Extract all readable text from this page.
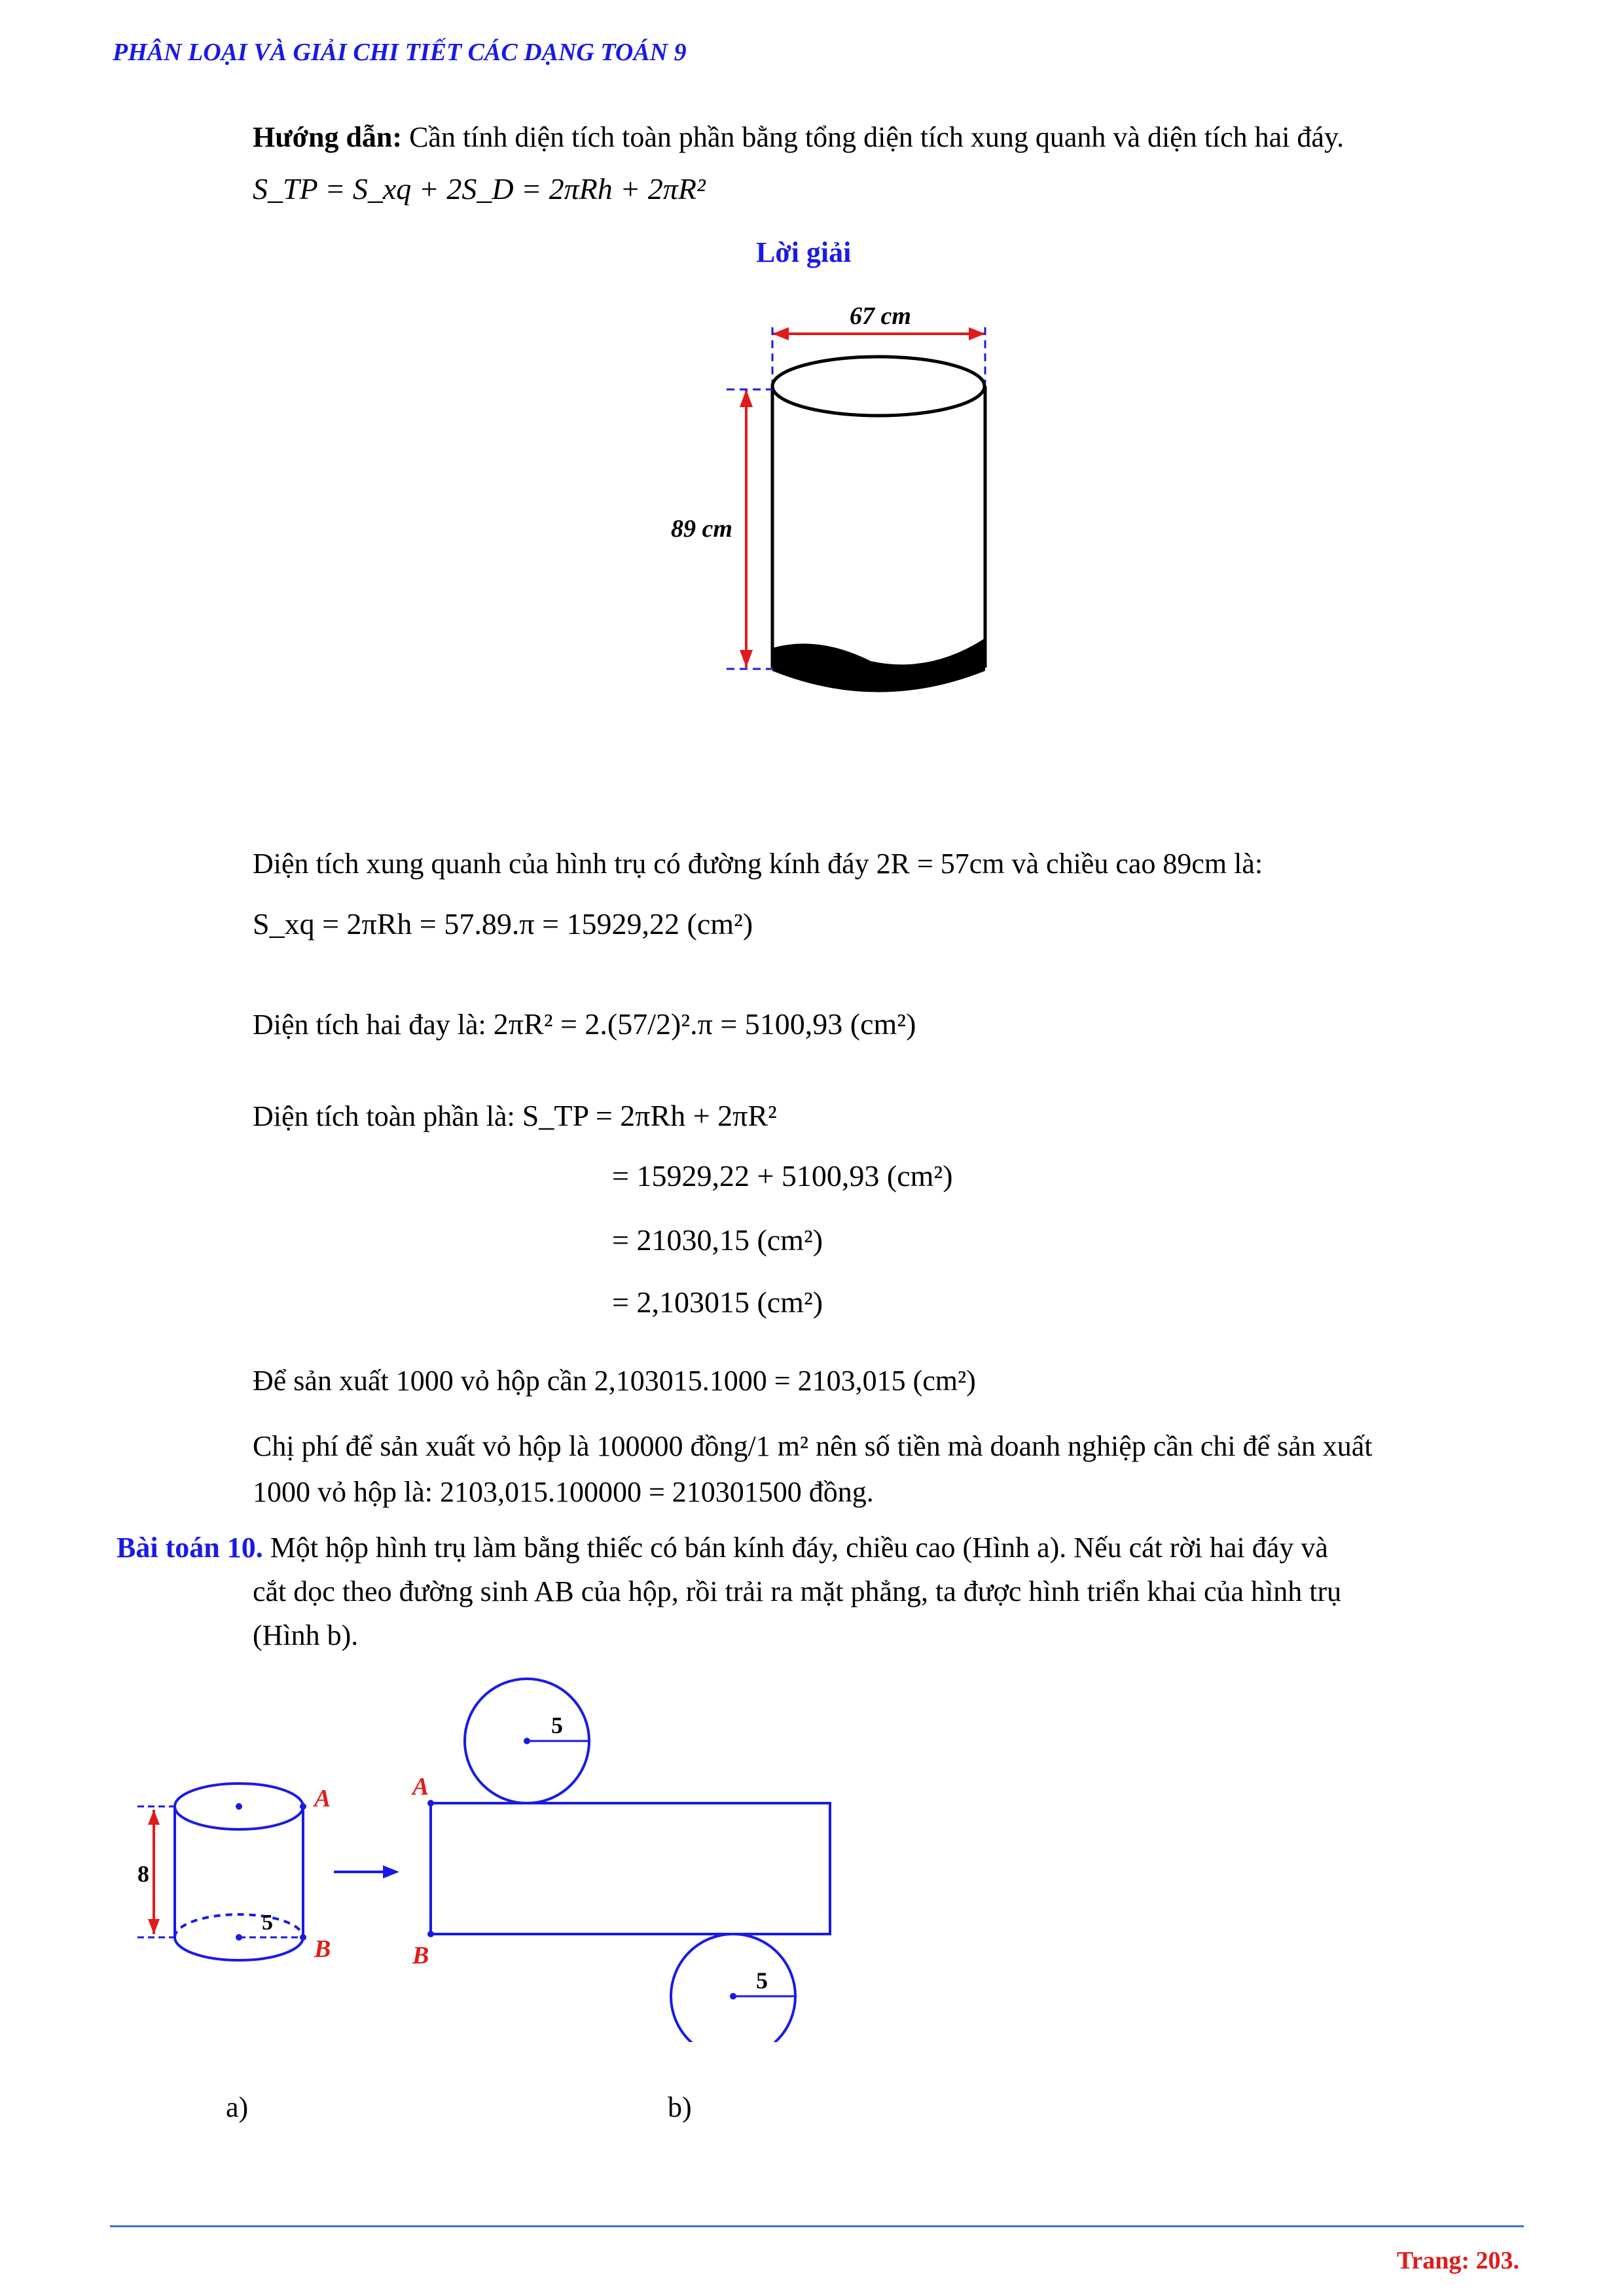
PHÂN LOẠI VÀ GIẢI CHI TIẾT CÁC DẠNG TOÁN 9
Hướng dẫn: Cần tính diện tích toàn phần bằng tổng diện tích xung quanh và diện tích hai đáy.
S_TP = S_xq + 2S_D = 2πRh + 2πR²
Lời giải
67 cm
89 cm
Diện tích xung quanh của hình trụ có đường kính đáy 2R = 57cm và chiều cao 89cm là:
S_xq = 2πRh = 57.89.π = 15929,22 (cm²)
Diện tích hai đay là: 2πR² = 2.(57/2)².π = 5100,93 (cm²)
Diện tích toàn phần là: S_TP = 2πRh + 2πR²
= 15929,22 + 5100,93 (cm²)
= 21030,15 (cm²)
= 2,103015 (cm²)
Để sản xuất 1000 vỏ hộp cần 2,103015.1000 = 2103,015 (cm²)
Chị phí để sản xuất vỏ hộp là 100000 đồng/1 m² nên số tiền mà doanh nghiệp cần chi để sản xuất
1000 vỏ hộp là: 2103,015.100000 = 210301500 đồng.
Bài toán 10. Một hộp hình trụ làm bằng thiếc có bán kính đáy, chiều cao (Hình a). Nếu cát rời hai đáy và
cắt dọc theo đường sinh AB của hộp, rồi trải ra mặt phẳng, ta được hình triển khai của hình trụ
(Hình b).
8
5
A
B
5
5
A
B
a)	b)
Trang: 203.
